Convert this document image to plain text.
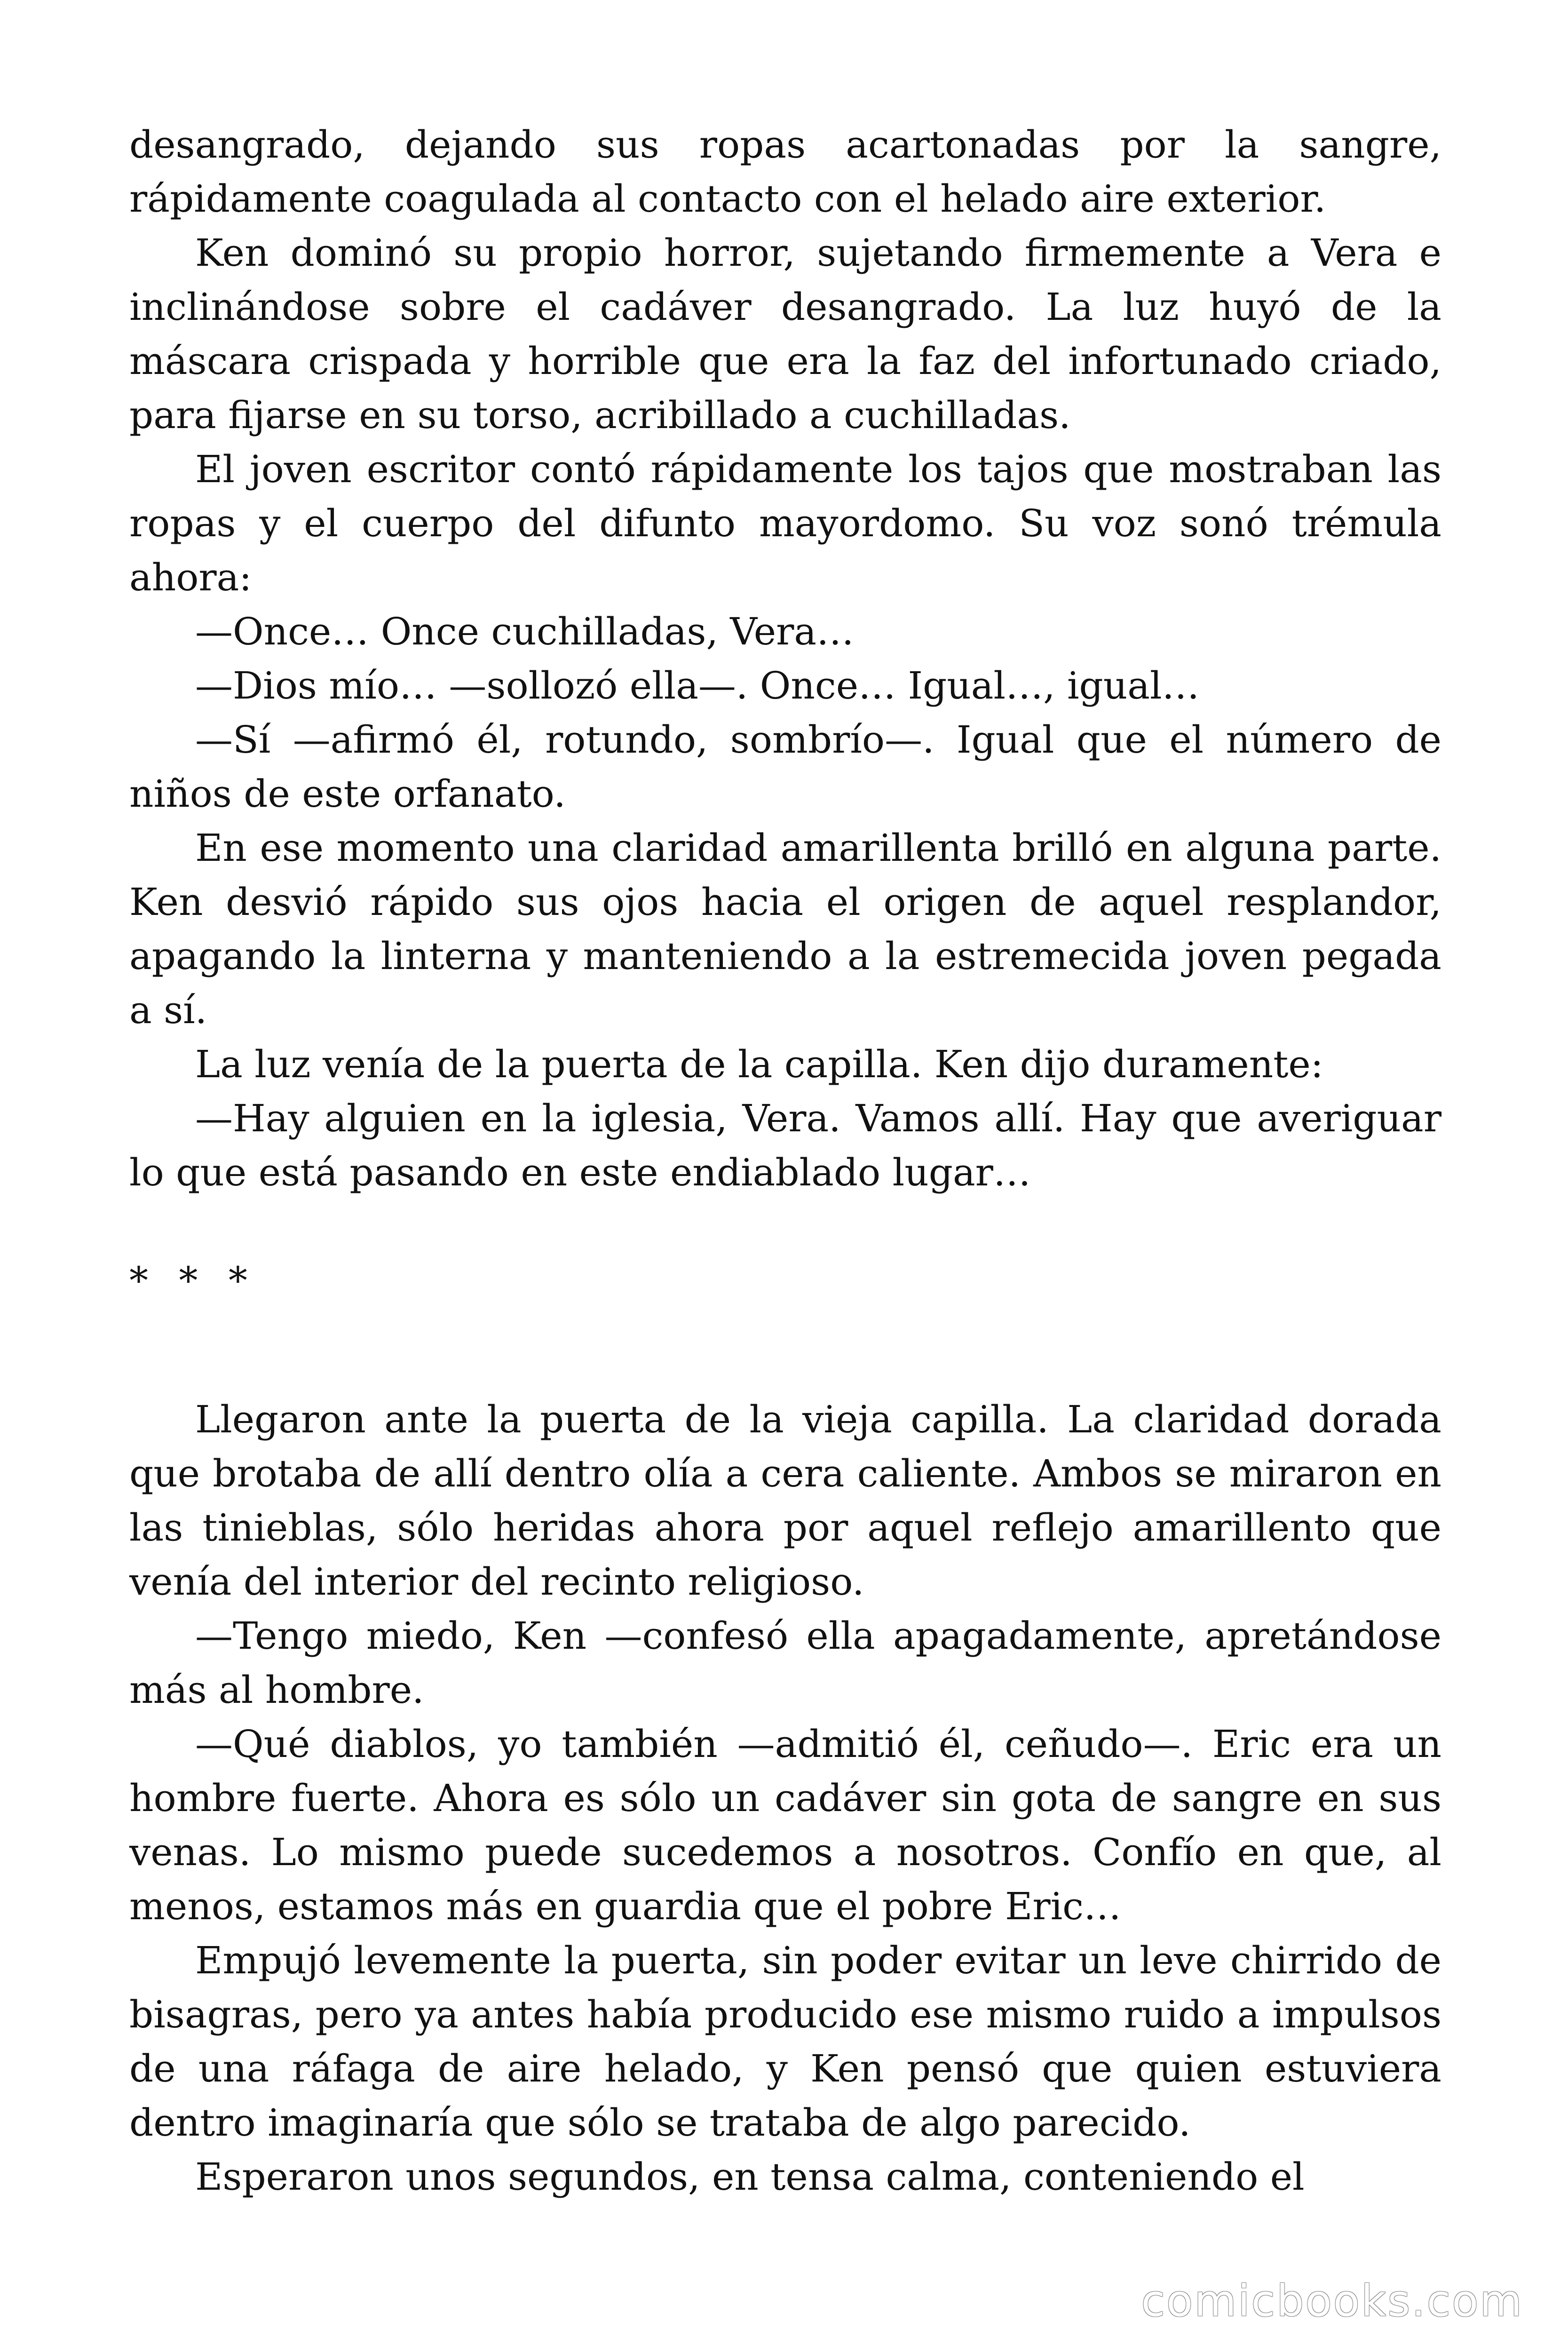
desangrado, dejando sus ropas acartonadas por la sangre, rápidamente coagulada al contacto con el helado aire exterior.

Ken dominó su propio horror, sujetando firmemente a Vera e inclinándose sobre el cadáver desangrado. La luz huyó de la máscara crispada y horrible que era la faz del infortunado criado, para fijarse en su torso, acribillado a cuchilladas.

El joven escritor contó rápidamente los tajos que mostraban las ropas y el cuerpo del difunto mayordomo. Su voz sonó trémula ahora:

—Once… Once cuchilladas, Vera…

—Dios mío… —sollozó ella—. Once… Igual…, igual…

—Sí —afirmó él, rotundo, sombrío—. Igual que el número de niños de este orfanato.

En ese momento una claridad amarillenta brilló en alguna parte. Ken desvió rápido sus ojos hacia el origen de aquel resplandor, apagando la linterna y manteniendo a la estremecida joven pegada a sí.

La luz venía de la puerta de la capilla. Ken dijo duramente:

—Hay alguien en la iglesia, Vera. Vamos allí. Hay que averiguar lo que está pasando en este endiablado lugar…

* * *

Llegaron ante la puerta de la vieja capilla. La claridad dorada que brotaba de allí dentro olía a cera caliente. Ambos se miraron en las tinieblas, sólo heridas ahora por aquel reflejo amarillento que venía del interior del recinto religioso.

—Tengo miedo, Ken —confesó ella apagadamente, apretándose más al hombre.

—Qué diablos, yo también —admitió él, ceñudo—. Eric era un hombre fuerte. Ahora es sólo un cadáver sin gota de sangre en sus venas. Lo mismo puede sucedemos a nosotros. Confío en que, al menos, estamos más en guardia que el pobre Eric…

Empujó levemente la puerta, sin poder evitar un leve chirrido de bisagras, pero ya antes había producido ese mismo ruido a impulsos de una ráfaga de aire helado, y Ken pensó que quien estuviera dentro imaginaría que sólo se trataba de algo parecido.

Esperaron unos segundos, en tensa calma, conteniendo el

comicbooks.com
